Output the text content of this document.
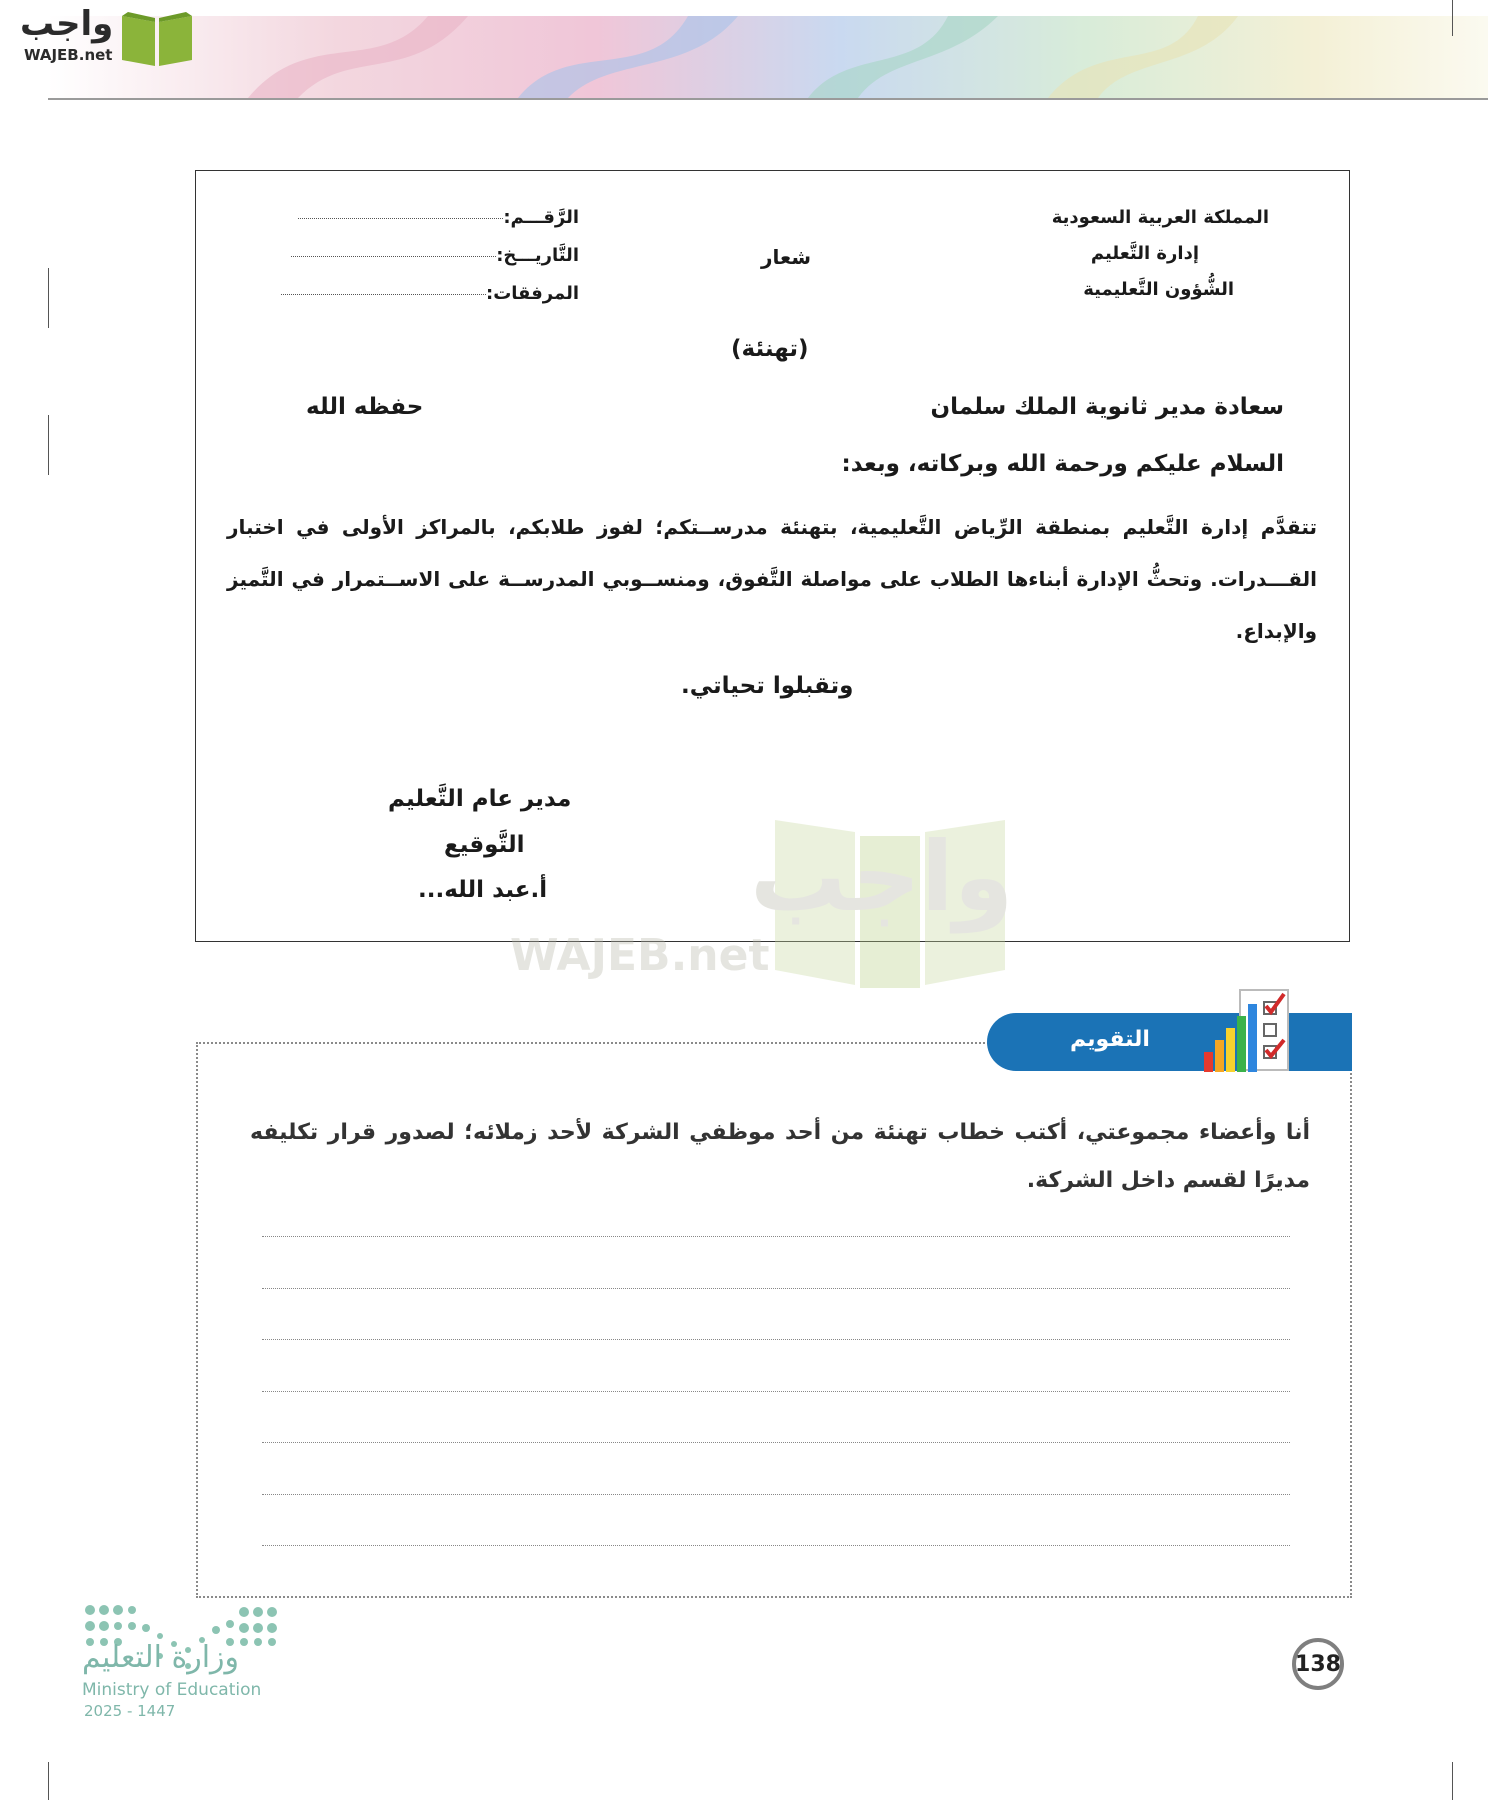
واجب
WAJEB.net
المملكة العربية السعودية
إدارة التَّعليم
الشُّؤون التَّعليمية
شعار
الرَّقـــم:
التَّاريـــخ:
المرفقات:
(تهنئة)
سعادة مدير ثانوية الملك سلمان
حفظه الله
السلام عليكم ورحمة الله وبركاته، وبعد:
تتقدَّم إدارة التَّعليم بمنطقة الرِّياض التَّعليمية، بتهنئة مدرســتكم؛ لفوز طلابكم، بالمراكز الأولى في اختبار القـــدرات. وتحثُّ الإدارة أبناءها الطلاب على مواصلة التَّفوق، ومنســوبي المدرســة على الاســتمرار في التَّميز والإبداع.
وتقبلوا تحياتي.
مدير عام التَّعليم
التَّوقيع
أ.عبد الله... واجب
WAJEB.net
التقويم
أنا وأعضاء مجموعتي، أكتب خطاب تهنئة من أحد موظفي الشركة لأحد زملائه؛ لصدور قرار تكليفه مديرًا لقسم داخل الشركة.
وزارة التعليم
Ministry of Education
2025 - 1447
138
